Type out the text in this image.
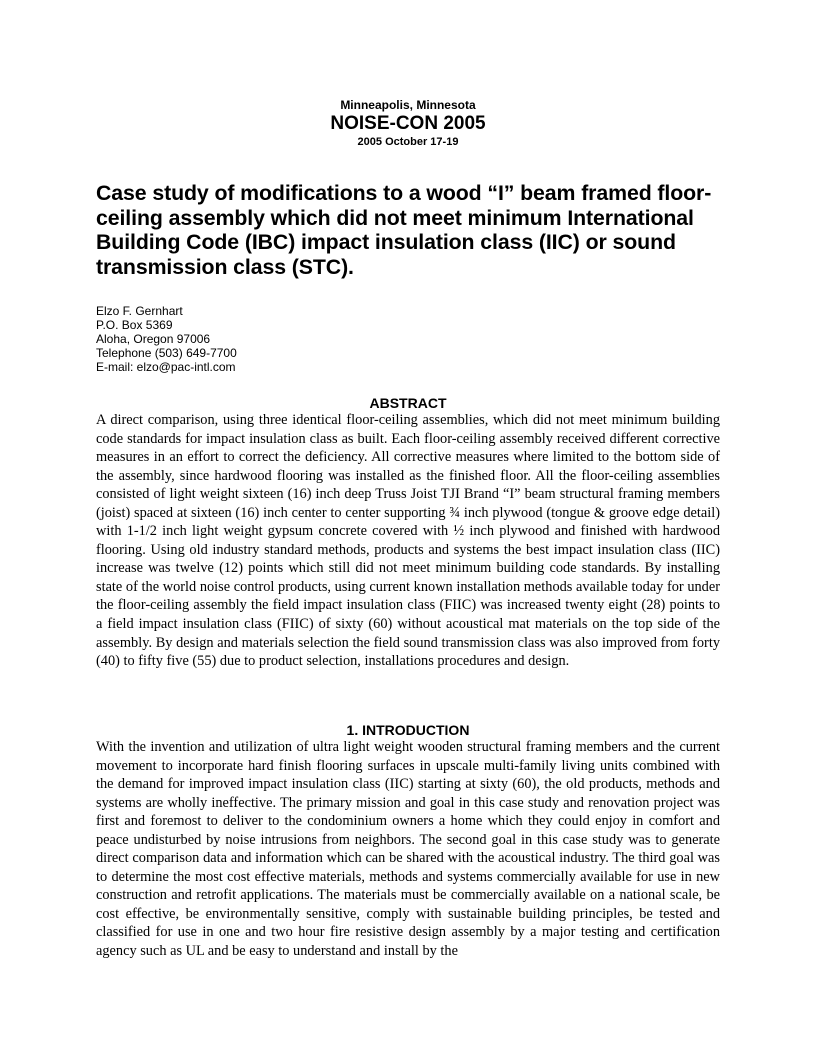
Minneapolis, Minnesota

NOISE-CON 2005

2005 October 17-19

Case study of modifications to a wood “I” beam framed floor-ceiling assembly which did not meet minimum International Building Code (IBC) impact insulation class (IIC) or sound transmission class (STC).
Elzo F. Gernhart
P.O. Box 5369
Aloha, Oregon 97006
Telephone (503) 649-7700
E-mail: elzo@pac-intl.com
ABSTRACT

A direct comparison, using three identical floor-ceiling assemblies, which did not meet minimum building code standards for impact insulation class as built. Each floor-ceiling assembly received different corrective measures in an effort to correct the deficiency. All corrective measures where limited to the bottom side of the assembly, since hardwood flooring was installed as the finished floor. All the floor-ceiling assemblies consisted of light weight sixteen (16) inch deep Truss Joist TJI Brand “I” beam structural framing members (joist) spaced at sixteen (16) inch center to center supporting ¾ inch plywood (tongue & groove edge detail) with 1-1/2 inch light weight gypsum concrete covered with ½ inch plywood and finished with hardwood flooring. Using old industry standard methods, products and systems the best impact insulation class (IIC) increase was twelve (12) points which still did not meet minimum building code standards. By installing state of the world noise control products, using current known installation methods available today for under the floor-ceiling assembly the field impact insulation class (FIIC) was increased twenty eight (28) points to a field impact insulation class (FIIC) of sixty (60) without acoustical mat materials on the top side of the assembly. By design and materials selection the field sound transmission class was also improved from forty (40) to fifty five (55) due to product selection, installations procedures and design.

1. INTRODUCTION

With the invention and utilization of ultra light weight wooden structural framing members and the current movement to incorporate hard finish flooring surfaces in upscale multi-family living units combined with the demand for improved impact insulation class (IIC) starting at sixty (60), the old products, methods and systems are wholly ineffective. The primary mission and goal in this case study and renovation project was first and foremost to deliver to the condominium owners a home which they could enjoy in comfort and peace undisturbed by noise intrusions from neighbors. The second goal in this case study was to generate direct comparison data and information which can be shared with the acoustical industry. The third goal was to determine the most cost effective materials, methods and systems commercially available for use in new construction and retrofit applications. The materials must be commercially available on a national scale, be cost effective, be environmentally sensitive, comply with sustainable building principles, be tested and classified for use in one and two hour fire resistive design assembly by a major testing and certification agency such as UL and be easy to understand and install by the
